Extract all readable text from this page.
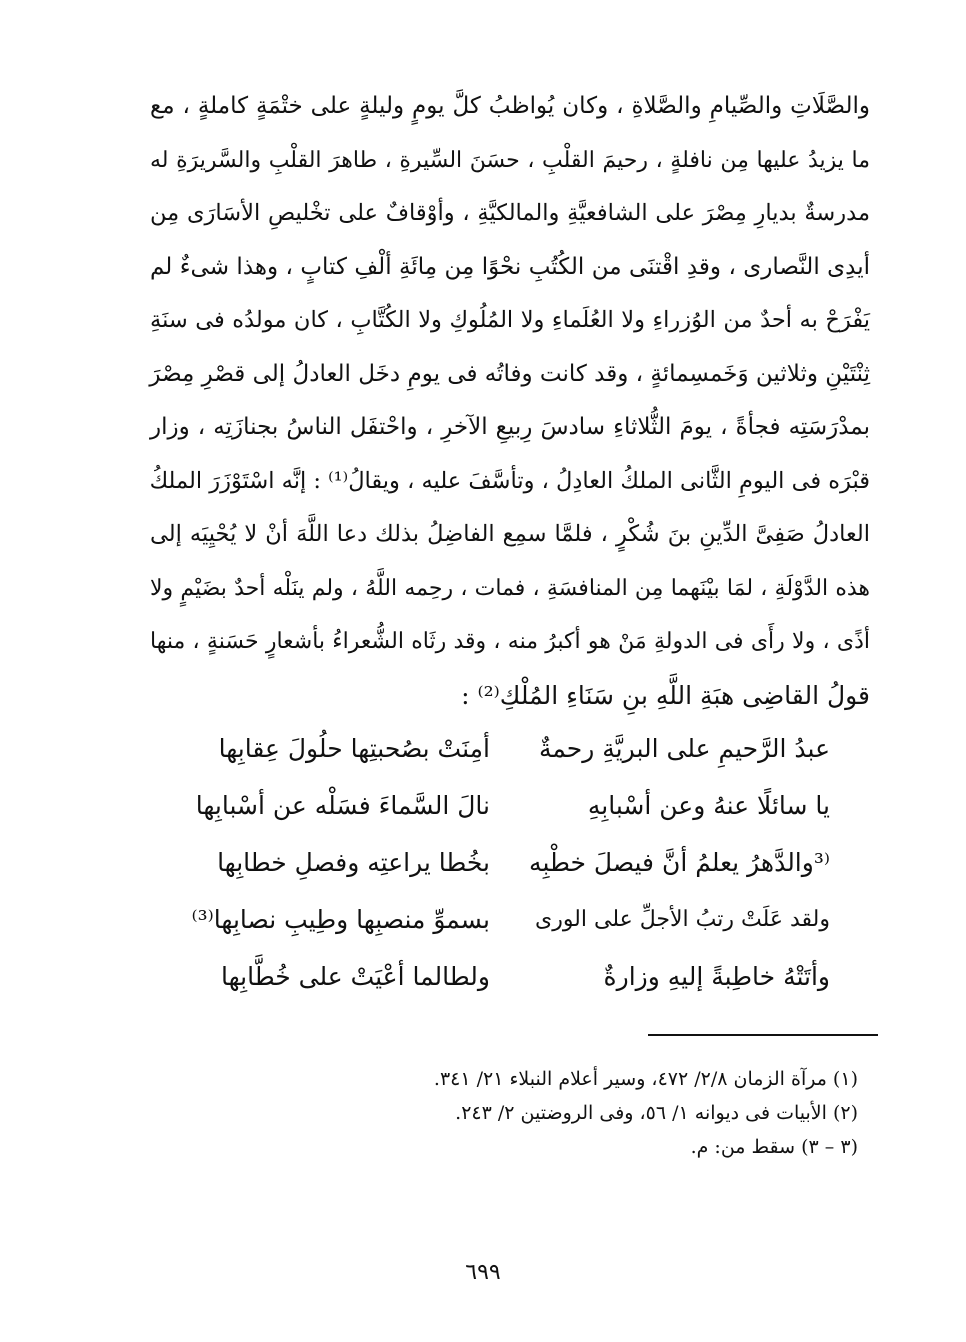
والصَّلَاتِ والصِّيامِ والصَّلاةِ ، وكان يُواظبُ كلَّ يومٍ وليلةٍ على ختْمَةٍ كاملةٍ ، مع
ما يزيدُ عليها مِن نافلةٍ ، رحيمَ القلْبِ ، حسَنَ السِّيرةِ ، طاهرَ القلْبِ والسَّريرَةِ له
مدرسةٌ بديارِ مِصْرَ على الشافعيَّةِ والمالكيَّةِ ، وأوْقافٌ على تخْليصِ الأسَارَى مِن
أيدِى النَّصارى ، وقدِ اقْتنَى من الكُتُبِ نحْوًا مِن مِائَةِ ألْفِ كتابٍ ، وهذا شىءٌ لم
يَفْرَحْ به أحدٌ من الوُزراءِ ولا العُلَماءِ ولا المُلُوكِ ولا الكُتَّابِ ، كان مولدُه فى سنَةِ
ثِنْتَيْنِ وثلاثين وَخَمسِمائةٍ ، وقد كانت وفاتُه فى يومِ دخَل العادلُ إلى قصْرِ مِصْرَ
بمدْرَسَتِه فجأةً ، يومَ الثُّلاثاءِ سادسَ رِبيعِ الآخرِ ، واحْتفَل الناسُ بجنازَتِه ، وزار
قبْرَه فى اليومِ الثَّانى الملكُ العادِلُ ، وتأسَّفَ عليه ، ويقالُ⁽¹⁾ : إنَّه اسْتَوْزَرَ الملكُ
العادلُ صَفِىَّ الدِّينِ بنَ شُكْرٍ ، فلمَّا سمِع الفاضِلُ بذلك دعا اللَّهَ أنْ لا يُحْيِيَه إلى
هذه الدَّوْلَةِ ، لمَا بيْنَهما مِن المنافسَةِ ، فمات ، رحِمه اللَّهُ ، ولم ينَلْه أحدٌ بضَيْمٍ ولا
أذًى ، ولا رأَى فى الدولةِ مَنْ هو أكبرُ منه ، وقد رثَاه الشُّعراءُ بأشعارٍ حَسَنةٍ ، منها
قولُ القاضِى هبَةِ اللَّهِ بنِ سَنَاءِ المُلْكِ⁽²⁾ :
عبدُ الرَّحيمِ على البريَّةِ رحمةٌ
أمِنَتْ بصُحبتِها حلُولَ عِقابِها
يا سائلًا عنهُ وعن أسْبابِهِ
نالَ السَّماءَ فسَلْه عن أسْبابِها
⁽³والدَّهرُ يعلمُ أنَّ فيصلَ خطْبِه
بخُطا يراعتِه وفصلِ خطابِها
ولقد عَلَتْ رتبُ الأجلِّ على الورى
بسموِّ منصبِها وطِيبِ نصابِها⁽³⁾
وأتَتْهُ خاطِبةً إليهِ وزارةٌ
ولطالما أعْيَتْ على خُطَّابِها
(١) مرآة الزمان ٢/٨/ ٤٧٢، وسير أعلام النبلاء ٢١/ ٣٤١.
(٢) الأبيات فى ديوانه ١/ ٥٦، وفى الروضتين ٢/ ٢٤٣.
(٣ – ٣) سقط من: م.
٦٩٩
